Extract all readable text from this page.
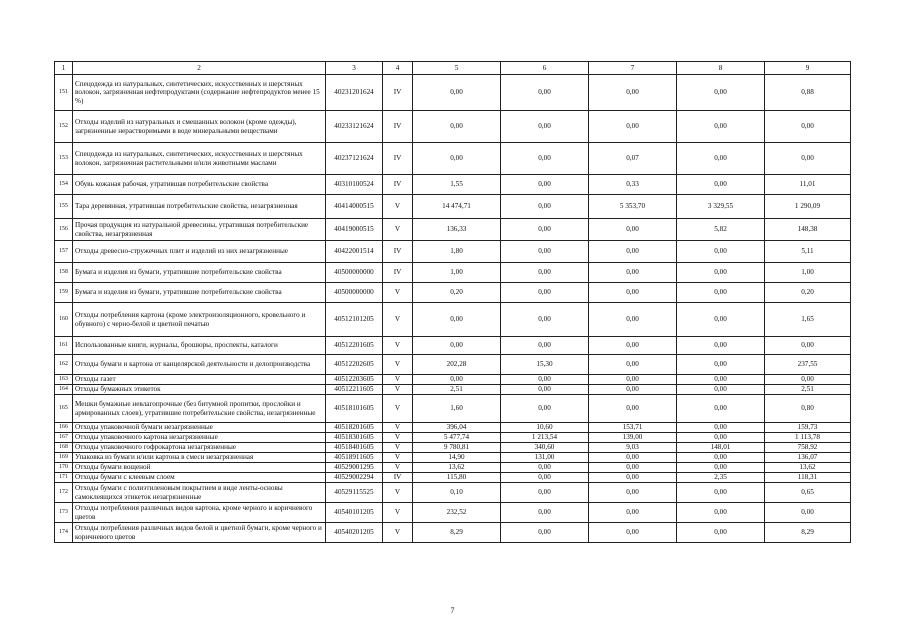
1	2	3	4	5	6	7	8	9
151	Спецодежда из натуральных, синтетических, искусственных и шерстяных волокон, загрязненная нефтепродуктами (содержание нефтепродуктов менее 15 %)	40231201624	IV	0,00	0,00	0,00	0,00	0,88
152	Отходы изделий из натуральных и смешанных волокон (кроме одежды), загрязненные нерастворимыми в воде минеральными веществами	40233121624	IV	0,00	0,00	0,00	0,00	0,00
153	Спецодежда из натуральных, синтетических, искусственных и шерстяных волокон, загрязненная растительными и/или животными маслами	40237121624	IV	0,00	0,00	0,07	0,00	0,00
154	Обувь кожаная рабочая, утратившая потребительские свойства	40310100524	IV	1,55	0,00	0,33	0,00	11,01
155	Тара деревянная, утратившая потребительские свойства, незагрязненная	40414000515	V	14 474,71	0,00	5 353,70	3 329,55	1 290,09
156	Прочая продукция из натуральной древесины, утратившая потребительские свойства, незагрязненная	40419000515	V	136,33	0,00	0,00	5,82	148,38
157	Отходы древесно-стружечных плит и изделий из них незагрязненные	40422001514	IV	1,80	0,00	0,00	0,00	5,11
158	Бумага и изделия из бумаги, утратившие потребительские свойства	40500000000	IV	1,00	0,00	0,00	0,00	1,00
159	Бумага и изделия из бумаги, утратившие потребительские свойства	40500000000	V	0,20	0,00	0,00	0,00	0,20
160	Отходы потребления картона (кроме электроизоляционного, кровельного и обувного) с черно-белой и цветной печатью	40512101205	V	0,00	0,00	0,00	0,00	1,65
161	Использованные книги, журналы, брошюры, проспекты, каталоги	40512201605	V	0,00	0,00	0,00	0,00	0,00
162	Отходы бумаги и картона от канцелярской деятельности и делопроизводства	40512202605	V	202,28	15,30	0,00	0,00	237,55
163	Отходы газет	40512203605	V	0,00	0,00	0,00	0,00	0,00
164	Отходы бумажных этикеток	40512211605	V	2,51	0,00	0,00	0,00	2,51
165	Мешки бумажные невлагопрочные (без битумной пропитки, прослойки и армированных слоев), утратившие потребительские свойства, незагрязненные	40518101605	V	1,60	0,00	0,00	0,00	0,80
166	Отходы упаковочной бумаги незагрязненные	40518201605	V	396,04	10,60	153,71	0,00	159,73
167	Отходы упаковочного картона незагрязненные	40518301605	V	5 477,74	1 213,54	139,00	0,00	1 113,78
168	Отходы упаковочного гофрокартона незагрязненные	40518401605	V	9 780,81	340,60	9,03	148,01	758,92
169	Упаковка из бумаги и/или картона в смеси незагрязненная	40518911605	V	14,90	131,00	0,00	0,00	136,07
170	Отходы бумаги вощеной	40529001295	V	13,62	0,00	0,00	0,00	13,62
171	Отходы бумаги с клеевым слоем	40529002294	IV	115,80	0,00	0,00	2,35	118,31
172	Отходы бумаги с полиэтиленовым покрытием в виде ленты-основы самоклеящихся этикеток незагрязненные	40529115525	V	0,10	0,00	0,00	0,00	0,65
173	Отходы потребления различных видов картона, кроме черного и коричневого цветов	40540101205	V	232,52	0,00	0,00	0,00	0,00
174	Отходы потребления различных видов белой и цветной бумаги, кроме черного и коричневого цветов	40540201205	V	8,29	0,00	0,00	0,00	8,29
7
